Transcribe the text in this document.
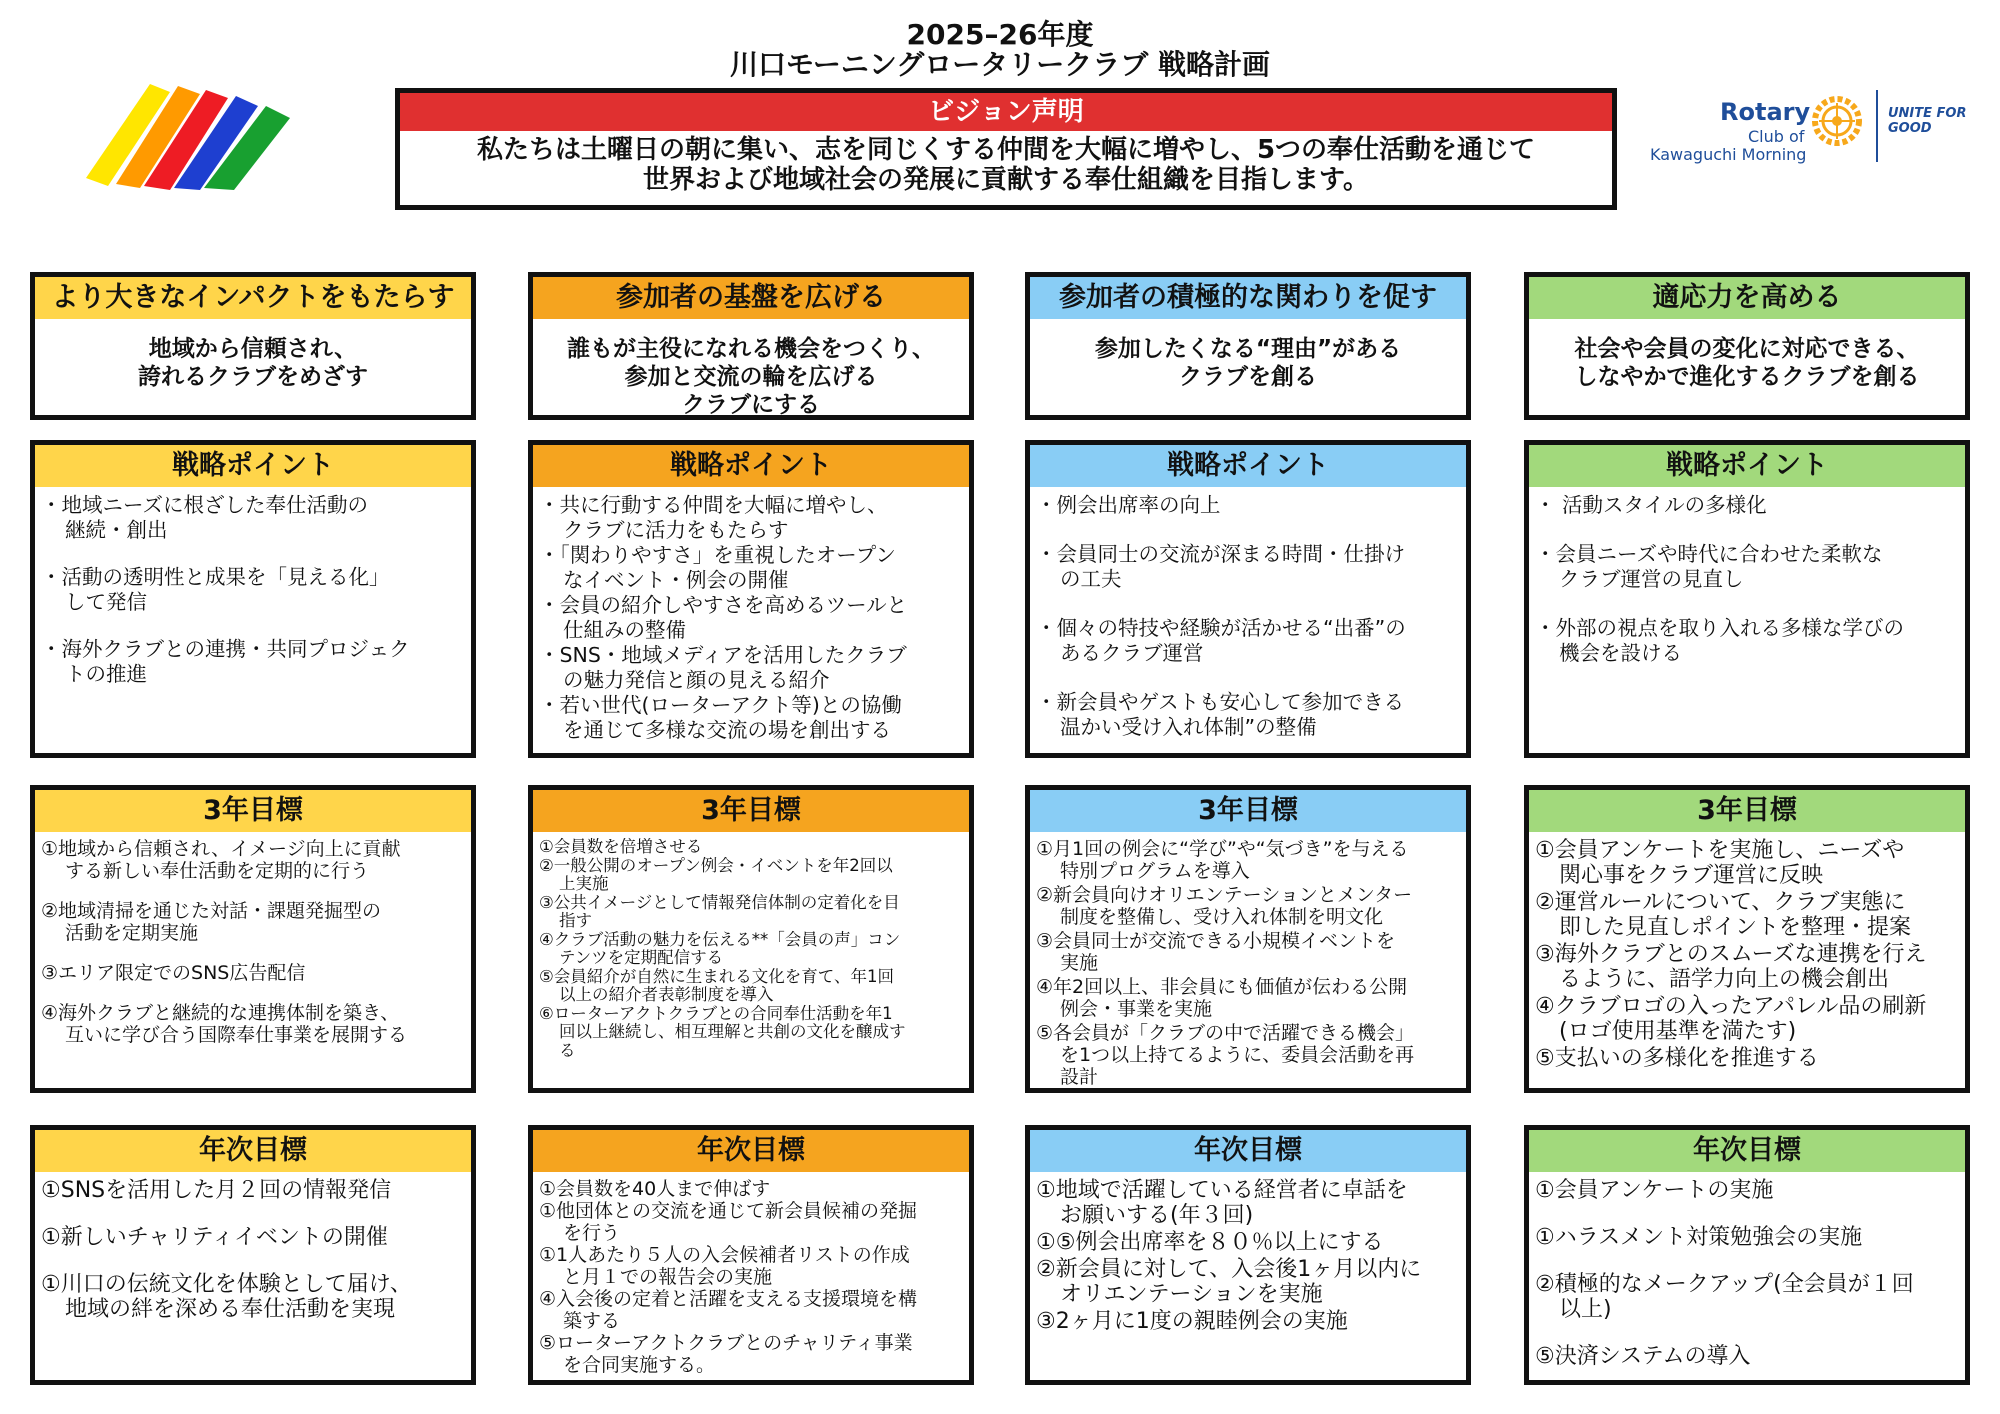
2025–26年度
川口モーニングロータリークラブ 戦略計画
Rotary
Club of
Kawaguchi Morning
UNITE FOR GOOD
ビジョン声明
私たちは土曜日の朝に集い、志を同じくする仲間を大幅に増やし、5つの奉仕活動を通じて
世界および地域社会の発展に貢献する奉仕組織を目指します。
より大きなインパクトをもたらす
地域から信頼され、
誇れるクラブをめざす
戦略ポイント
・地域ニーズに根ざした奉仕活動の
継続・創出
・活動の透明性と成果を「見える化」
して発信
・海外クラブとの連携・共同プロジェク
トの推進
3年目標
①地域から信頼され、イメージ向上に貢献
する新しい奉仕活動を定期的に行う
②地域清掃を通じた対話・課題発掘型の
活動を定期実施
③エリア限定でのSNS広告配信
④海外クラブと継続的な連携体制を築き、
互いに学び合う国際奉仕事業を展開する
年次目標
①SNSを活用した月２回の情報発信
①新しいチャリティイベントの開催
①川口の伝統文化を体験として届け、
地域の絆を深める奉仕活動を実現
参加者の基盤を広げる
誰もが主役になれる機会をつくり、
参加と交流の輪を広げる
クラブにする
戦略ポイント
・共に行動する仲間を大幅に増やし、
クラブに活力をもたらす
・「関わりやすさ」を重視したオープン
なイベント・例会の開催
・会員の紹介しやすさを高めるツールと
仕組みの整備
・SNS・地域メディアを活用したクラブ
の魅力発信と顔の見える紹介
・若い世代(ローターアクト等)との協働
を通じて多様な交流の場を創出する
3年目標
①会員数を倍増させる
②一般公開のオープン例会・イベントを年2回以
上実施
③公共イメージとして情報発信体制の定着化を目
指す
④クラブ活動の魅力を伝える**「会員の声」コン
テンツを定期配信する
⑤会員紹介が自然に生まれる文化を育て、年1回
以上の紹介者表彰制度を導入
⑥ローターアクトクラブとの合同奉仕活動を年1
回以上継続し、相互理解と共創の文化を醸成す
る
年次目標
①会員数を40人まで伸ばす
①他団体との交流を通じて新会員候補の発掘
を行う
①1人あたり５人の入会候補者リストの作成
と月１での報告会の実施
④入会後の定着と活躍を支える支援環境を構
築する
⑤ローターアクトクラブとのチャリティ事業
を合同実施する。
参加者の積極的な関わりを促す
参加したくなる“理由”がある
クラブを創る
戦略ポイント
・例会出席率の向上
・会員同士の交流が深まる時間・仕掛け
の工夫
・個々の特技や経験が活かせる“出番”の
あるクラブ運営
・新会員やゲストも安心して参加できる
温かい受け入れ体制”の整備
3年目標
①月1回の例会に“学び”や“気づき”を与える
特別プログラムを導入
②新会員向けオリエンテーションとメンター
制度を整備し、受け入れ体制を明文化
③会員同士が交流できる小規模イベントを
実施
④年2回以上、非会員にも価値が伝わる公開
例会・事業を実施
⑤各会員が「クラブの中で活躍できる機会」
を1つ以上持てるように、委員会活動を再
設計
年次目標
①地域で活躍している経営者に卓話を
お願いする(年３回)
①⑤例会出席率を８０％以上にする
②新会員に対して、入会後1ヶ月以内に
オリエンテーションを実施
③2ヶ月に1度の親睦例会の実施
適応力を高める
社会や会員の変化に対応できる、
しなやかで進化するクラブを創る
戦略ポイント
・ 活動スタイルの多様化
・会員ニーズや時代に合わせた柔軟な
クラブ運営の見直し
・外部の視点を取り入れる多様な学びの
機会を設ける
3年目標
①会員アンケートを実施し、ニーズや
関心事をクラブ運営に反映
②運営ルールについて、クラブ実態に
即した見直しポイントを整理・提案
③海外クラブとのスムーズな連携を行え
るように、語学力向上の機会創出
④クラブロゴの入ったアパレル品の刷新
(ロゴ使用基準を満たす)
⑤支払いの多様化を推進する
年次目標
①会員アンケートの実施
①ハラスメント対策勉強会の実施
②積極的なメークアップ(全会員が１回
以上)
⑤決済システムの導入
